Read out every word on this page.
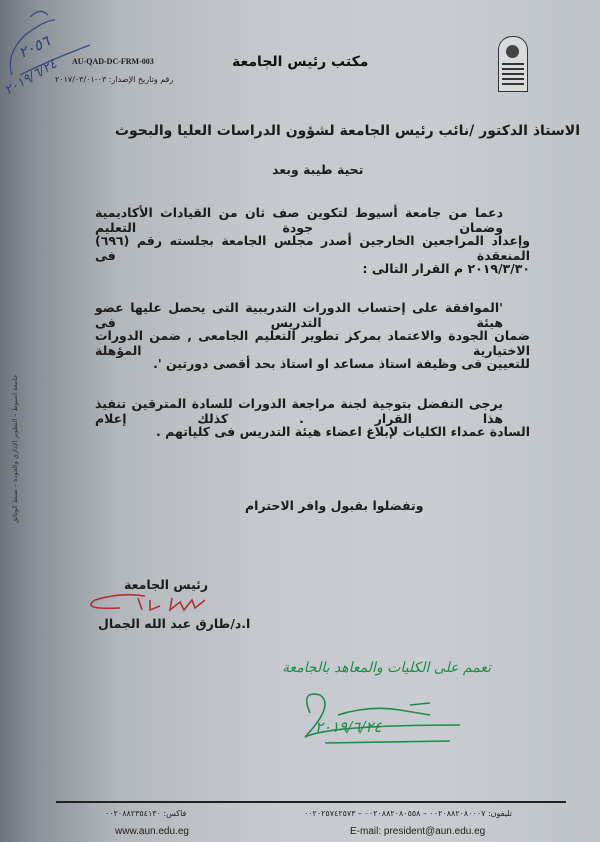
مكتب رئيس الجامعة
AU-QAD-DC-FRM-003
رقم وتاريخ الإصدار: ٠٣-٢٠١٧/٠٣/٠١
٢٠٥٦
٢٠١٩/٦/٢٤
الاستاذ الدكتور /نائب رئيس الجامعة لشؤون الدراسات العليا والبحوث
تحية طيبة وبعد
دعما من جامعة أسيوط لتكوين صف ثان من القيادات الأكاديمية وضمان جودة التعليم
وإعداد المراجعين الخارجين أصدر مجلس الجامعة بجلسته رقم (٦٩٦) المنعقدة فى
٢٠١٩/٣/٣٠ م القرار التالى :
'الموافقة على إحتساب الدورات التدريبية التى يحصل عليها عضو هيئة التدريس فى
ضمان الجودة والاعتماد بمركز تطوير التعليم الجامعى , ضمن الدورات الاختيارية المؤهلة
للتعيين فى وظيفة استاذ مساعد او استاذ بحد أقصى دورتين '.
يرجى التفضل بتوجية لجنة مراجعة الدورات للسادة المترقين تنفيذ هذا القرار . كذلك إعلام
السادة عمداء الكليات لإبلاغ اعضاء هيئة التدريس فى كلياتهم .
وتفضلوا بقبول وافر الاحترام
جامعة أسيوط – التطوير الإداري والجودة – ضبط الوثائق
رئيس الجامعة
ا.د/طارق عبد الله الجمال
تعمم على الكليات والمعاهد بالجامعة
٢٠١٩/٦/٢٤
تليفون: ٠٠٢٠٨٨٢٠٨٠٠٠٧ – ٠٠٢٠٨٨٢٠٨٠٥٥٨ – ٠٠٢٠٢٥٧٤٢٥٧٣
فاكس: ٠٠٢٠٨٨٢٣٥٤١٣٠
E-mail: president@aun.edu.eg
www.aun.edu.eg
